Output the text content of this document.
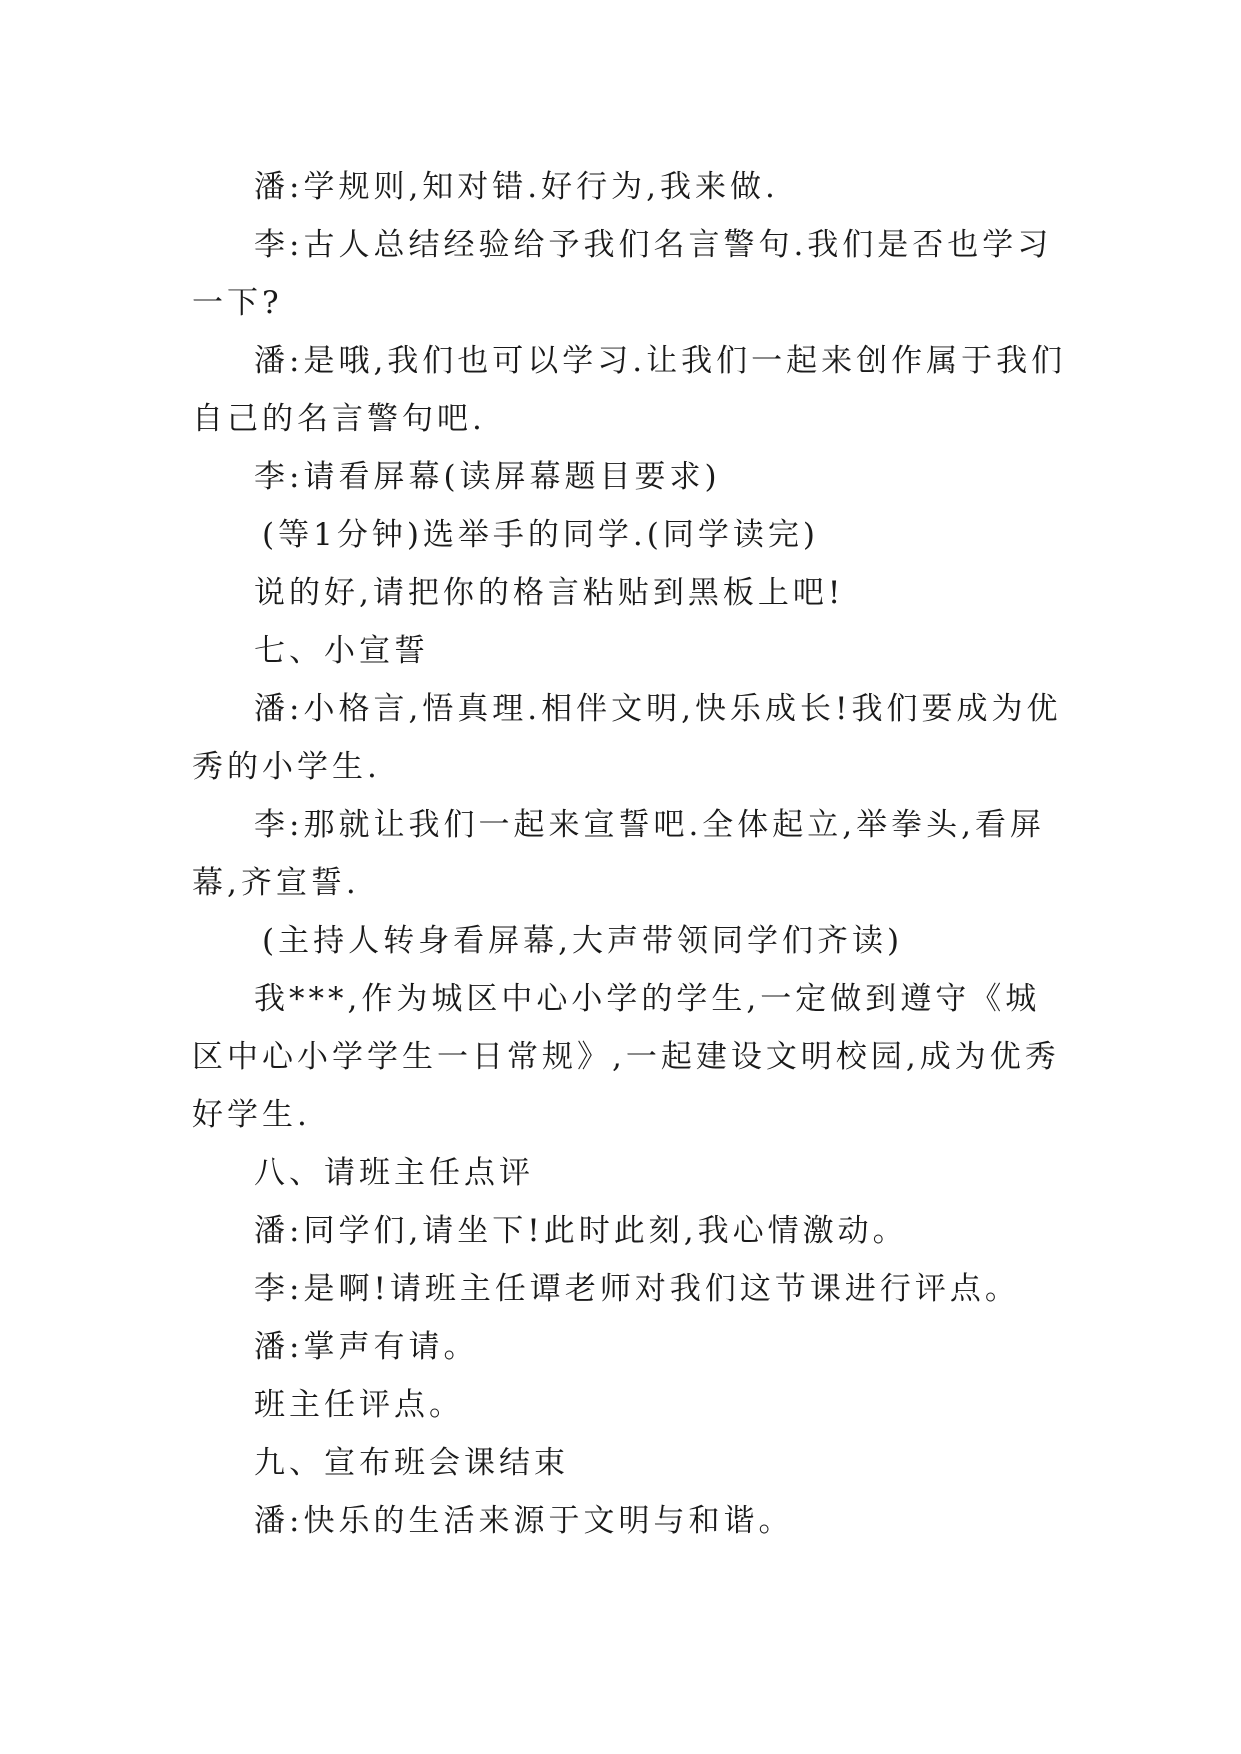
潘:学规则,知对错.好行为,我来做.

李:古人总结经验给予我们名言警句.我们是否也学习一下?

潘:是哦,我们也可以学习.让我们一起来创作属于我们自己的名言警句吧.

李:请看屏幕(读屏幕题目要求)

(等1分钟)选举手的同学.(同学读完)

说的好,请把你的格言粘贴到黑板上吧!

七、小宣誓

潘:小格言,悟真理.相伴文明,快乐成长!我们要成为优秀的小学生.

李:那就让我们一起来宣誓吧.全体起立,举拳头,看屏幕,齐宣誓.

(主持人转身看屏幕,大声带领同学们齐读)

我***,作为城区中心小学的学生,一定做到遵守《城区中心小学学生一日常规》,一起建设文明校园,成为优秀好学生.

八、请班主任点评

潘:同学们,请坐下!此时此刻,我心情激动。

李:是啊!请班主任谭老师对我们这节课进行评点。

潘:掌声有请。

班主任评点。

九、宣布班会课结束

潘:快乐的生活来源于文明与和谐。
